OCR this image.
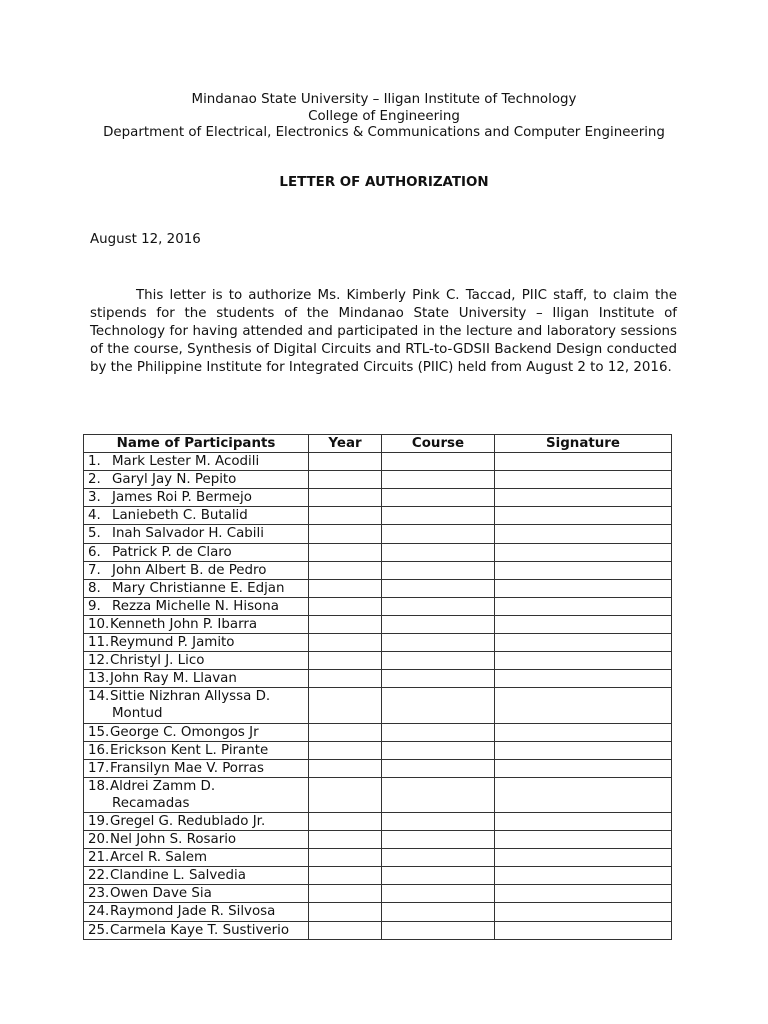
Mindanao State University – Iligan Institute of Technology
College of Engineering
Department of Electrical, Electronics & Communications and Computer Engineering
LETTER OF AUTHORIZATION
August 12, 2016

This letter is to authorize Ms. Kimberly Pink C. Taccad, PIIC staff, to claim the stipends for the students of the Mindanao State University – Iligan Institute of Technology for having attended and participated in the lecture and laboratory sessions of the course, Synthesis of Digital Circuits and RTL-to-GDSII Backend Design conducted by the Philippine Institute for Integrated Circuits (PIIC) held from August 2 to 12, 2016.

Name of Participants	Year	Course	Signature
1. Mark Lester M. Acodili			
2. Garyl Jay N. Pepito			
3. James Roi P. Bermejo			
4. Laniebeth C. Butalid			
5. Inah Salvador H. Cabili			
6. Patrick P. de Claro			
7. John Albert B. de Pedro			
8. Mary Christianne E. Edjan			
9. Rezza Michelle N. Hisona			
10.Kenneth John P. Ibarra			
11.Reymund P. Jamito			
12.Christyl J. Lico			
13.John Ray M. Llavan			
14.Sittie Nizhran Allyssa D.
Montud			

15.George C. Omongos Jr			
16.Erickson Kent L. Pirante			
17.Fransilyn Mae V. Porras			
18.Aldrei Zamm D.
Recamadas			

19.Gregel G. Redublado Jr.			
20.Nel John S. Rosario			
21.Arcel R. Salem			
22.Clandine L. Salvedia			
23.Owen Dave Sia			
24.Raymond Jade R. Silvosa			
25.Carmela Kaye T. Sustiverio			
